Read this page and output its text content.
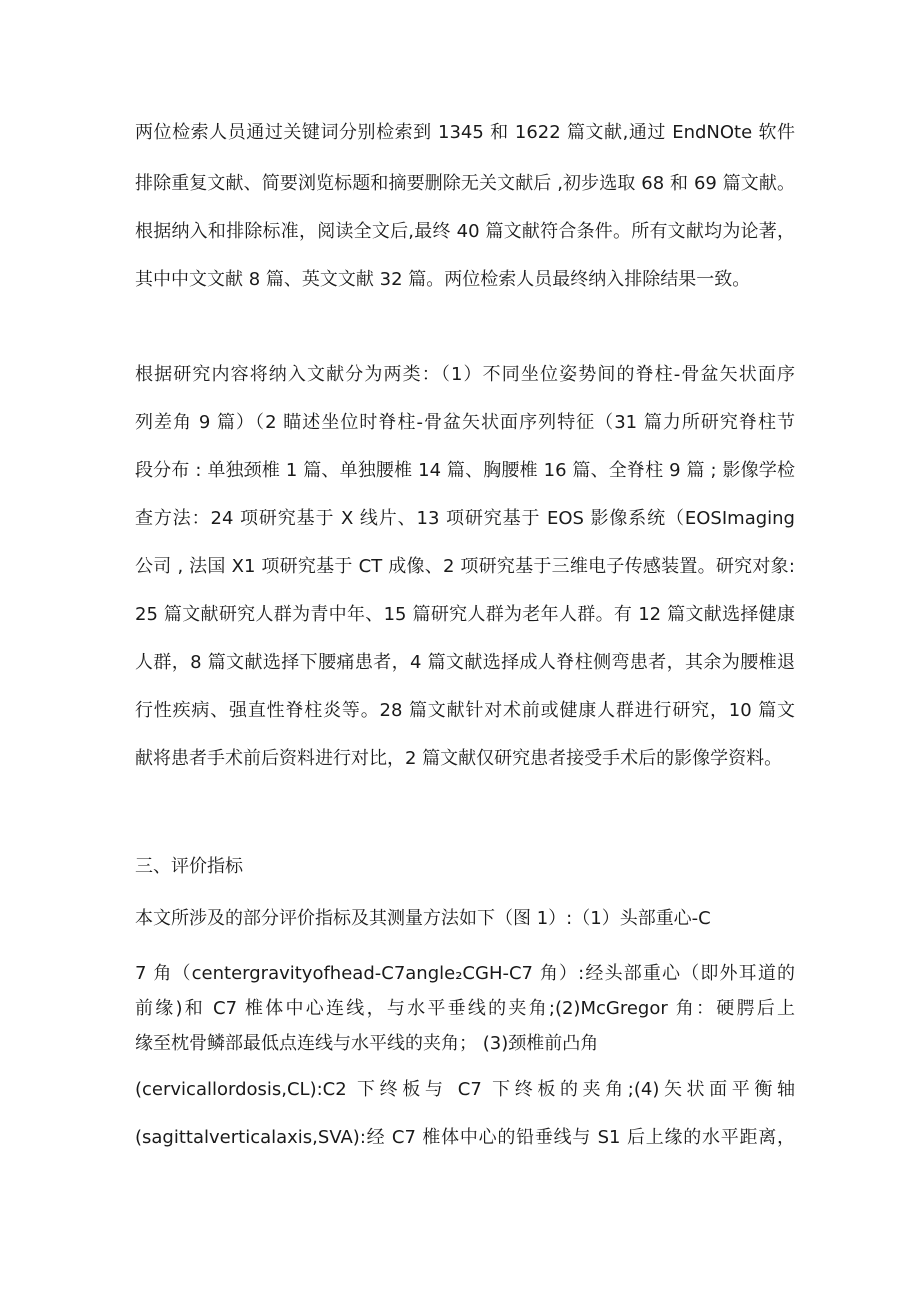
两位检索人员通过关键词分别检索到 1345 和 1622 篇文献,通过 EndNOte 软件
排除重复文献、简要浏览标题和摘要删除无关文献后 ,初步选取 68 和 69 篇文献。
根据纳入和排除标准，阅读全文后,最终 40 篇文献符合条件。所有文献均为论著，
其中中文文献 8 篇、英文文献 32 篇。两位检索人员最终纳入排除结果一致。
根据研究内容将纳入文献分为两类：（1）不同坐位姿势间的脊柱-骨盆矢状面序
列差角 9 篇）（2 瞄述坐位时脊柱-骨盆矢状面序列特征（31 篇力所研究脊柱节
段分布 : 单独颈椎 1 篇、单独腰椎 14 篇、胸腰椎 16 篇、全脊柱 9 篇 ; 影像学检
查方法：24 项研究基于 X 线片、13 项研究基于 EOS 影像系统（EOSImaging
公司 , 法国 X1 项研究基于 CT 成像、2 项研究基于三维电子传感装置。研究对象:
25 篇文献研究人群为青中年、15 篇研究人群为老年人群。有 12 篇文献选择健康
人群，8 篇文献选择下腰痛患者，4 篇文献选择成人脊柱侧弯患者，其余为腰椎退
行性疾病、强直性脊柱炎等。28 篇文献针对术前或健康人群进行研究，10 篇文
献将患者手术前后资料进行对比，2 篇文献仅研究患者接受手术后的影像学资料。
三、评价指标
本文所涉及的部分评价指标及其测量方法如下（图 1）:（1）头部重心-C
7 角（centergravityofhead-C7angle₂CGH-C7 角）:经头部重心（即外耳道的
前缘)和 C7 椎体中心连线，与水平垂线的夹角;(2)McGregor 角：硬腭后上
缘至枕骨鳞部最低点连线与水平线的夹角； (3)颈椎前凸角
(cervicallordosis,CL):C2 下终板与 C7 下终板的夹角;(4)矢状面平衡轴
(sagittalverticalaxis,SVA):经 C7 椎体中心的铅垂线与 S1 后上缘的水平距离，
